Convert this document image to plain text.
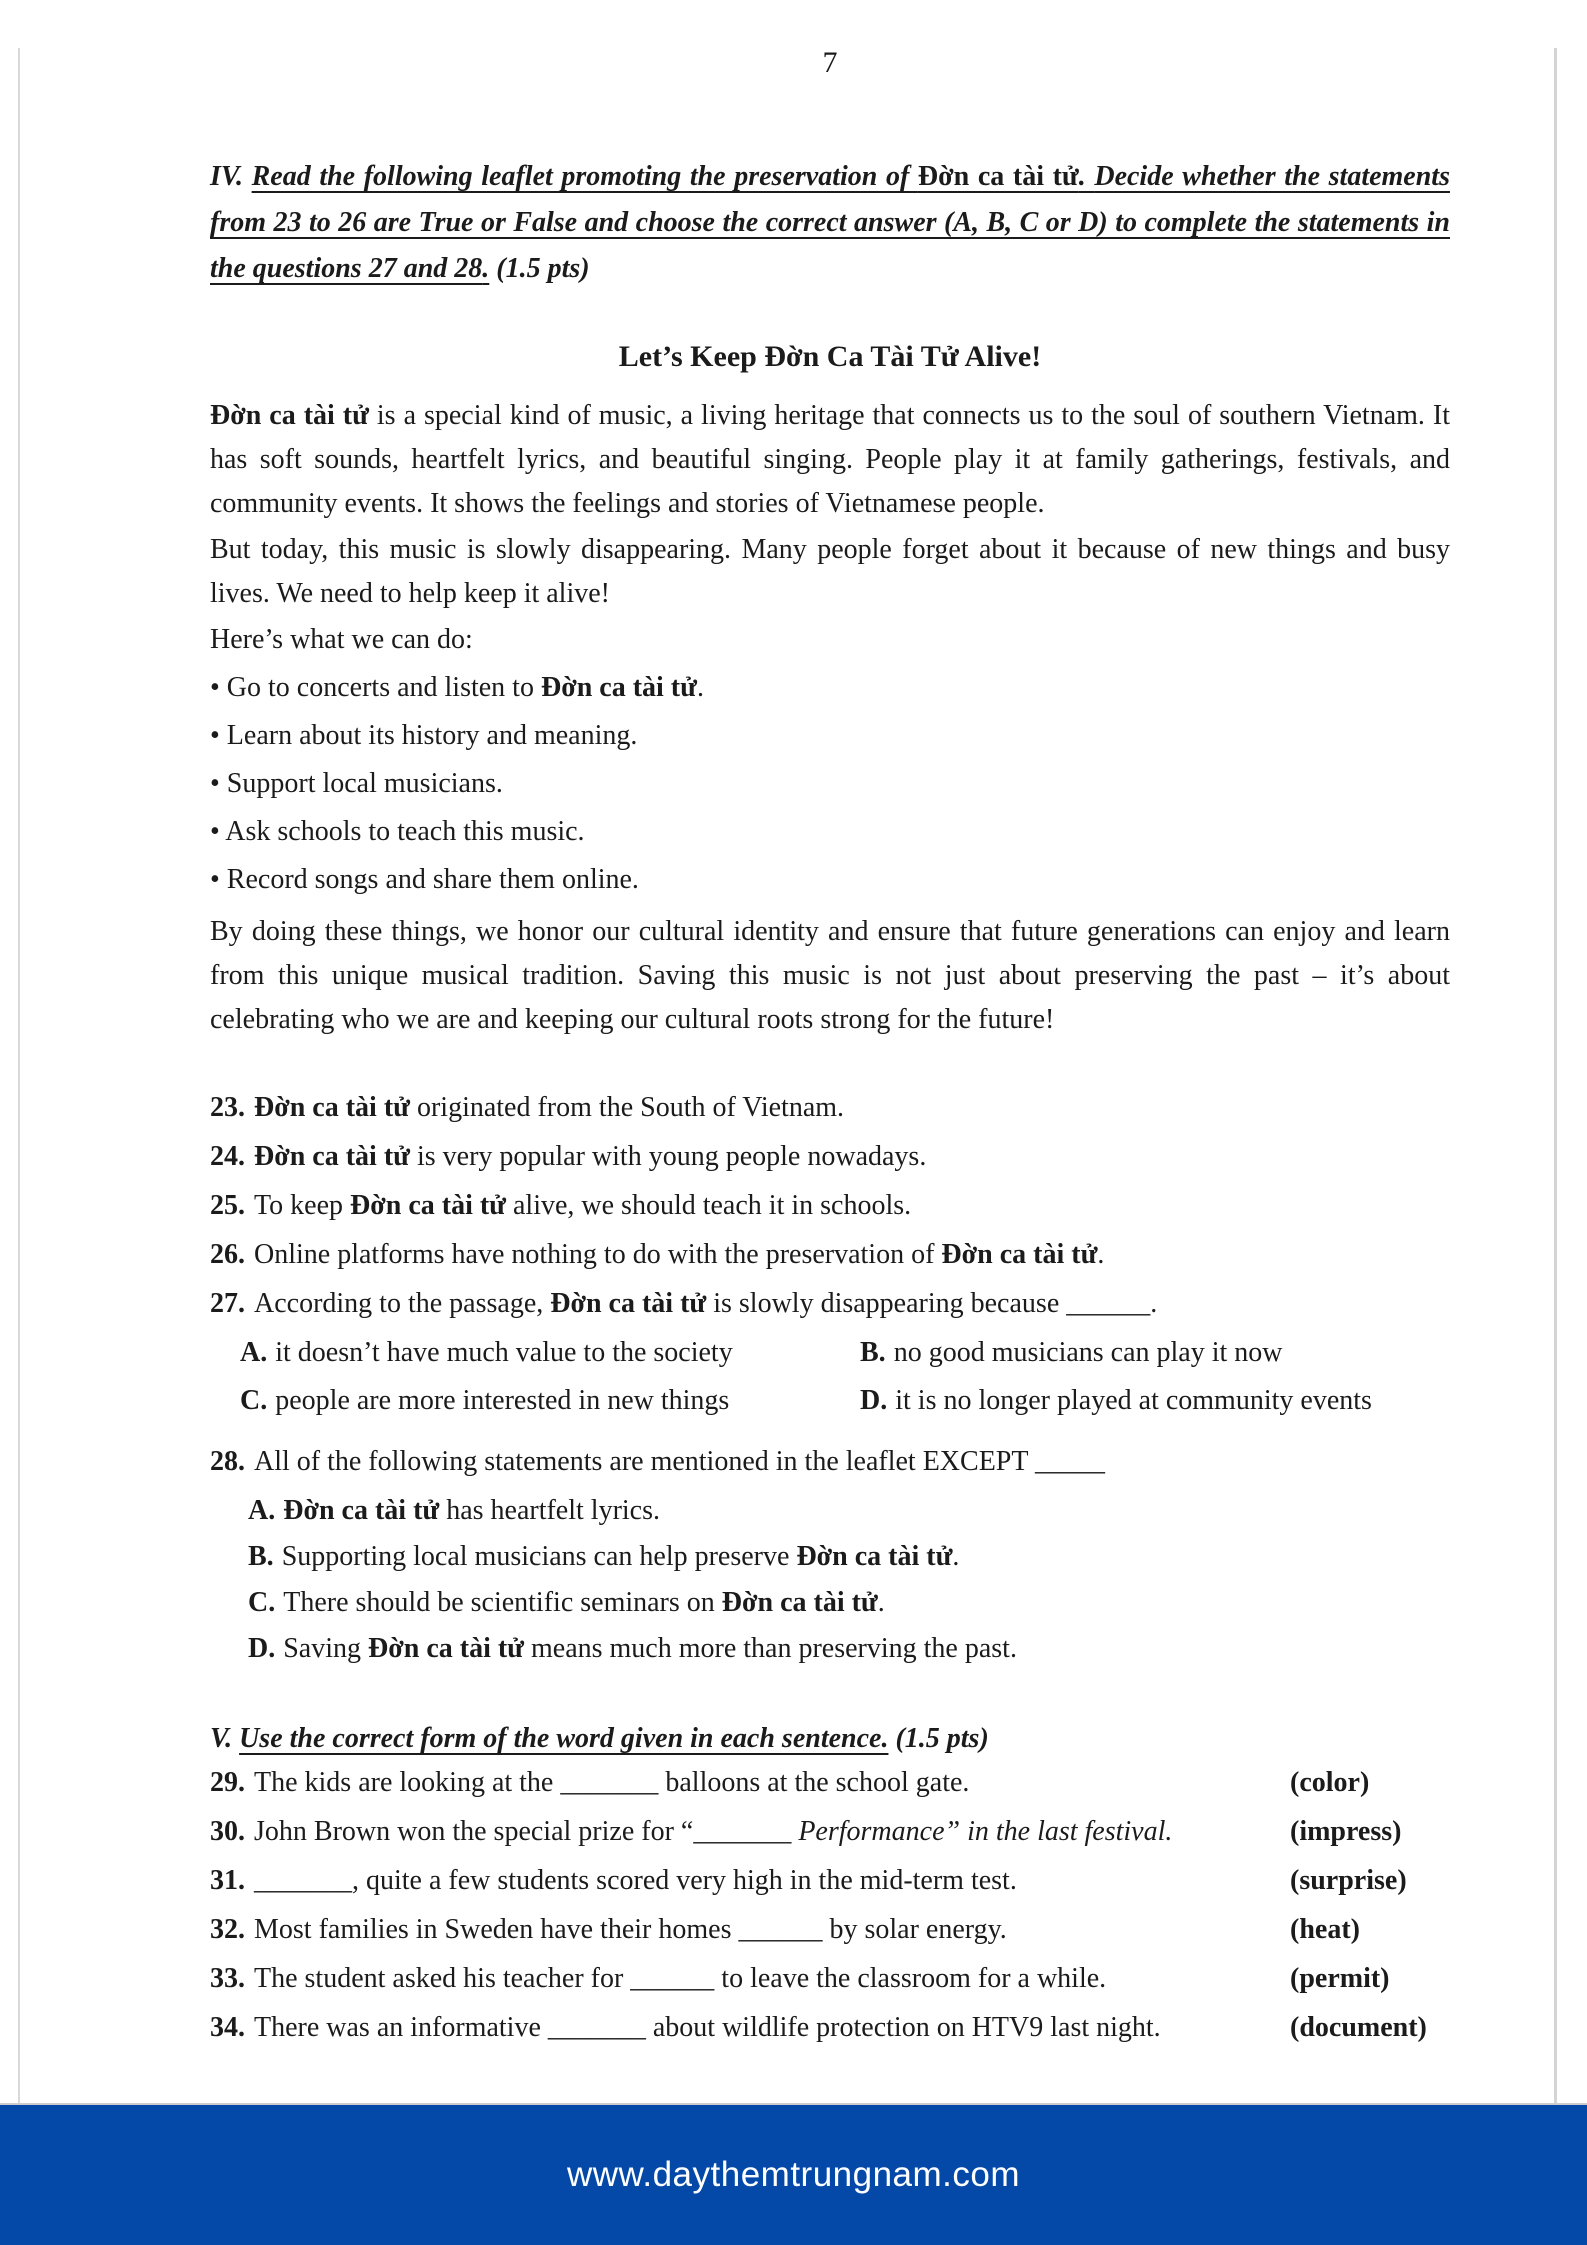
7
IV. Read the following leaflet promoting the preservation of Đờn ca tài tử. Decide whether the statements from 23 to 26 are True or False and choose the correct answer (A, B, C or D) to complete the statements in the questions 27 and 28. (1.5 pts)
Let’s Keep Đờn Ca Tài Tử Alive!

Đờn ca tài tử is a special kind of music, a living heritage that connects us to the soul of southern Vietnam. It has soft sounds, heartfelt lyrics, and beautiful singing. People play it at family gatherings, festivals, and community events. It shows the feelings and stories of Vietnamese people.

But today, this music is slowly disappearing. Many people forget about it because of new things and busy lives. We need to help keep it alive!

Here’s what we can do:

• Go to concerts and listen to Đờn ca tài tử.

• Learn about its history and meaning.

• Support local musicians.

• Ask schools to teach this music.

• Record songs and share them online.

By doing these things, we honor our cultural identity and ensure that future generations can enjoy and learn from this unique musical tradition. Saving this music is not just about preserving the past – it’s about celebrating who we are and keeping our cultural roots strong for the future!

23. Đờn ca tài tử originated from the South of Vietnam.
24. Đờn ca tài tử is very popular with young people nowadays.
25. To keep Đờn ca tài tử alive, we should teach it in schools.
26. Online platforms have nothing to do with the preservation of Đờn ca tài tử.
27. According to the passage, Đờn ca tài tử is slowly disappearing because ______.
A. it doesn’t have much value to the society	B. no good musicians can play it now
C. people are more interested in new things	D. it is no longer played at community events
28. All of the following statements are mentioned in the leaflet EXCEPT _____
A. Đờn ca tài tử has heartfelt lyrics.
B. Supporting local musicians can help preserve Đờn ca tài tử.
C. There should be scientific seminars on Đờn ca tài tử.
D. Saving Đờn ca tài tử means much more than preserving the past.
V. Use the correct form of the word given in each sentence. (1.5 pts)
29. The kids are looking at the _______ balloons at the school gate.	(color)
30. John Brown won the special prize for “_______ Performance” in the last festival.	(impress)
31. _______, quite a few students scored very high in the mid-term test.	(surprise)
32. Most families in Sweden have their homes ______ by solar energy.	(heat)
33. The student asked his teacher for ______ to leave the classroom for a while.	(permit)
34. There was an informative _______ about wildlife protection on HTV9 last night.	(document)
www.daythemtrungnam.com
